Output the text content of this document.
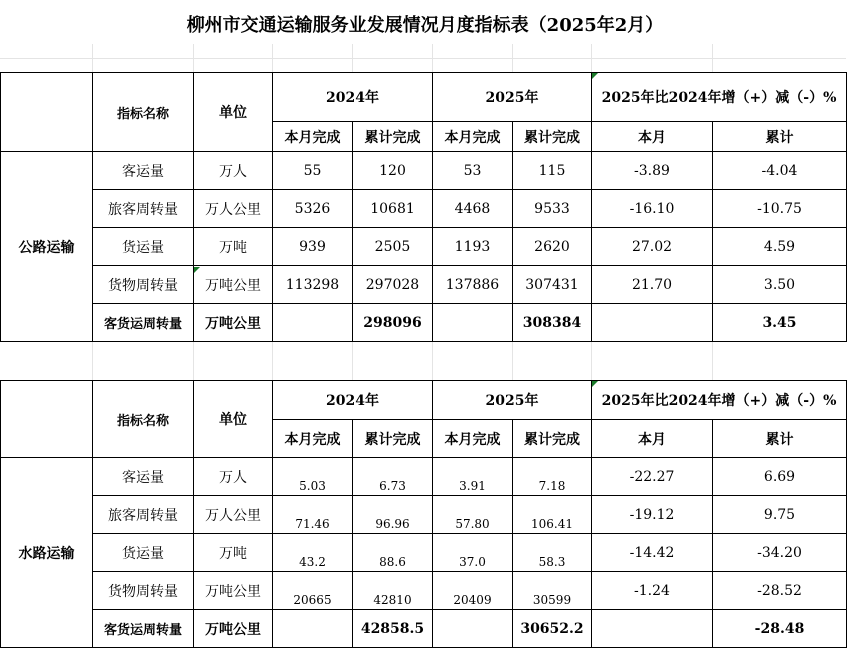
柳州市交通运输服务业发展情况月度指标表（2025年2月）
	指标名称	单位	2024年		2025年		2025年比2024年增（+）减（-）%	
			本月完成	累计完成	本月完成	累计完成	本月	累计
公路运输	客运量	万人	55	120	53	115	-3.89	-4.04
	旅客周转量	万人公里	5326	10681	4468	9533	-16.10	-10.75
	货运量	万吨	939	2505	1193	2620	27.02	4.59
	货物周转量	万吨公里	113298	297028	137886	307431	21.70	3.50
	客货运周转量	万吨公里		298096		308384		3.45
	指标名称	单位	2024年		2025年		2025年比2024年增（+）减（-）%	
			本月完成	累计完成	本月完成	累计完成	本月	累计
水路运输	客运量	万人	5.03	6.73	3.91	7.18	-22.27	6.69
	旅客周转量	万人公里	71.46	96.96	57.80	106.41	-19.12	9.75
	货运量	万吨	43.2	88.6	37.0	58.3	-14.42	-34.20
	货物周转量	万吨公里	20665	42810	20409	30599	-1.24	-28.52
	客货运周转量	万吨公里		42858.5		30652.2		-28.48
